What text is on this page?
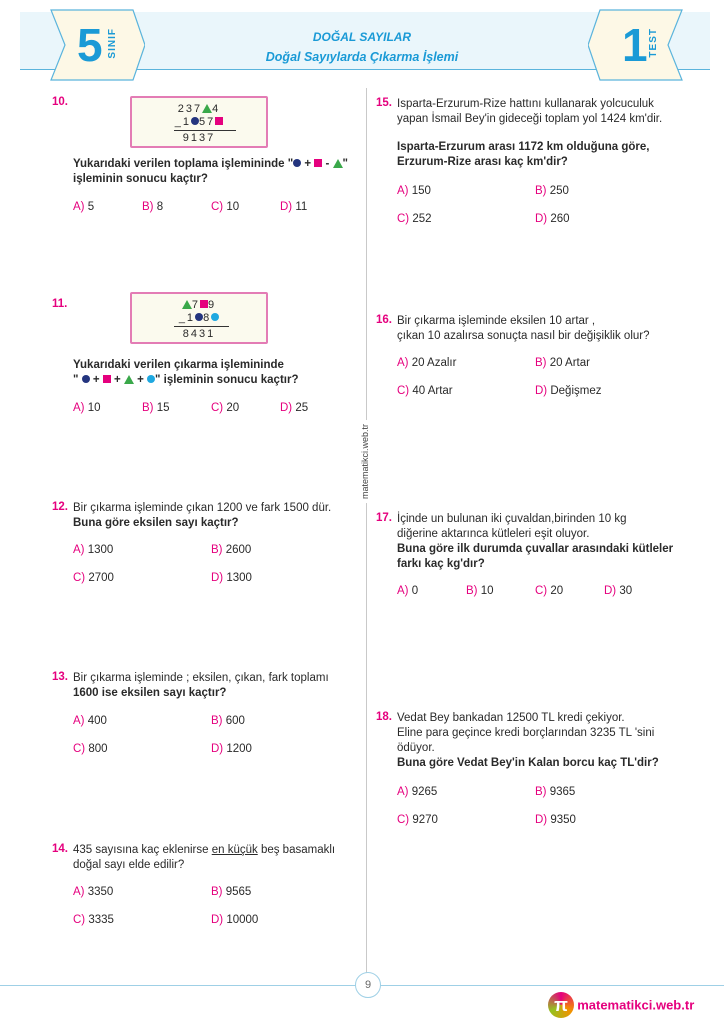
5 SINIF	1 TEST
DOĞAL SAYILAR
Doğal Sayıylarda Çıkarma İşlemi
matematikci.web.tr
10.
237 4
_1 57
9137
Yukarıdaki verilen toplama işlemininde " +  - "
işleminin sonucu kaçtır?
11.	7 9
_1 8
8431
Yukarıdaki verilen çıkarma işlemininde
"  +  +  + " işleminin sonucu kaçtır?
435 sayısına kaç eklenirse en küçük beş basamaklı
doğal sayı elde edilir?
14.
A) 5	B) 8	C) 10	D) 11
A) 10	B) 15	C) 20	D) 25
12. Bir çıkarma işleminde çıkan 1200 ve fark 1500 dür.
Buna göre eksilen sayı kaçtır?
A) 1300	B) 2600
C) 2700	D) 1300
13. Bir çıkarma işleminde ; eksilen, çıkan, fark toplamı
1600 ise eksilen sayı kaçtır?
A) 400	B) 600
C) 800	D) 1200
A) 3350	B) 9565
C) 3335	D) 10000
15. Isparta-Erzurum-Rize hattını kullanarak yolcuculuk
yapan İsmail Bey'in gideceği toplam yol 1424 km'dir.
Isparta-Erzurum arası 1172 km olduğuna göre,
Erzurum-Rize arası kaç km'dir?
A) 150	B) 250
C) 252	D) 260
16. Bir çıkarma işleminde eksilen 10 artar ,
çıkan 10 azalırsa sonuçta nasıl bir değişiklik olur?
A) 20 Azalır	B) 20 Artar
C) 40 Artar	D) Değişmez
17. İçinde un bulunan iki çuvaldan,birinden 10 kg
diğerine aktarınca kütleleri eşit oluyor.
Buna göre ilk durumda çuvallar arasındaki kütleler
farkı kaç kg'dır?
A) 0	B) 10	C) 20	D) 30
18. Vedat Bey bankadan 12500 TL kredi çekiyor.
Eline para geçince kredi borçlarından 3235 TL 'sini
ödüyor.
Buna göre Vedat Bey'in Kalan borcu kaç TL'dir?
A) 9265	B) 9365
C) 9270	D) 9350
9
π matematikci.web.tr
